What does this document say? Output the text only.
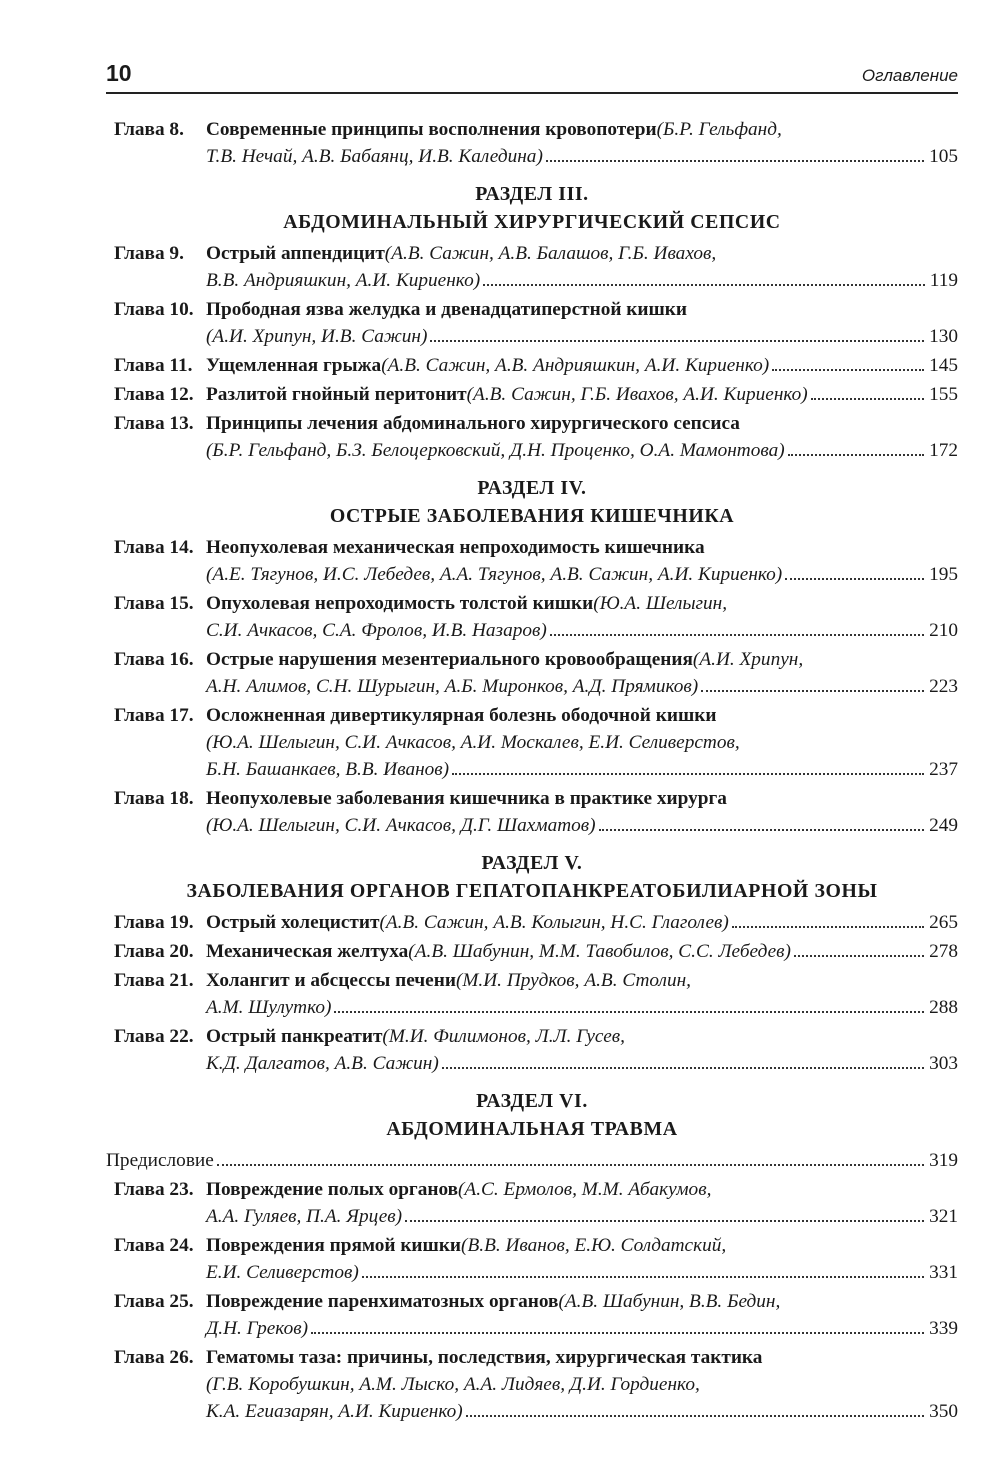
10	Оглавление
Глава 8. Современные принципы восполнения кровопотери (Б.Р. Гельфанд,
Т.В. Нечай, А.В. Бабаянц, И.В. Каледина)	105
РАЗДЕЛ III.
АБДОМИНАЛЬНЫЙ ХИРУРГИЧЕСКИЙ СЕПСИС
Глава 9. Острый аппендицит (А.В. Сажин, А.В. Балашов, Г.Б. Ивахов,
В.В. Андрияшкин, А.И. Кириенко)	119
Глава 10. Прободная язва желудка и двенадцатиперстной кишки
(А.И. Хрипун, И.В. Сажин)	130
Глава 11. Ущемленная грыжа (А.В. Сажин, А.В. Андрияшкин, А.И. Кириенко)	145
Глава 12. Разлитой гнойный перитонит (А.В. Сажин, Г.Б. Ивахов, А.И. Кириенко)	155
Глава 13. Принципы лечения абдоминального хирургического сепсиса
(Б.Р. Гельфанд, Б.З. Белоцерковский, Д.Н. Проценко, О.А. Мамонтова)	172
РАЗДЕЛ IV.
ОСТРЫЕ ЗАБОЛЕВАНИЯ КИШЕЧНИКА
Глава 14. Неопухолевая механическая непроходимость кишечника
(А.Е. Тягунов, И.С. Лебедев, А.А. Тягунов, А.В. Сажин, А.И. Кириенко)	195
Глава 15. Опухолевая непроходимость толстой кишки (Ю.А. Шелыгин,
С.И. Ачкасов, С.А. Фролов, И.В. Назаров)	210
Глава 16. Острые нарушения мезентериального кровообращения (А.И. Хрипун,
А.Н. Алимов, С.Н. Шурыгин, А.Б. Миронков, А.Д. Прямиков)	223
Глава 17. Осложненная дивертикулярная болезнь ободочной кишки
(Ю.А. Шелыгин, С.И. Ачкасов, А.И. Москалев, Е.И. Селиверстов,
Б.Н. Башанкаев, В.В. Иванов)	237
Глава 18. Неопухолевые заболевания кишечника в практике хирурга
(Ю.А. Шелыгин, С.И. Ачкасов, Д.Г. Шахматов)	249
РАЗДЕЛ V.
ЗАБОЛЕВАНИЯ ОРГАНОВ ГЕПАТОПАНКРЕАТОБИЛИАРНОЙ ЗОНЫ
Глава 19. Острый холецистит (А.В. Сажин, А.В. Колыгин, Н.С. Глаголев)	265
Глава 20. Механическая желтуха (А.В. Шабунин, М.М. Тавобилов, С.С. Лебедев)	278
Глава 21. Холангит и абсцессы печени (М.И. Прудков, А.В. Столин,
А.М. Шулутко)	288
Глава 22. Острый панкреатит (М.И. Филимонов, Л.Л. Гусев,
К.Д. Далгатов, А.В. Сажин)	303
РАЗДЕЛ VI.
АБДОМИНАЛЬНАЯ ТРАВМА
Предисловие	319
Глава 23. Повреждение полых органов (А.С. Ермолов, М.М. Абакумов,
А.А. Гуляев, П.А. Ярцев)	321
Глава 24. Повреждения прямой кишки (В.В. Иванов, Е.Ю. Солдатский,
Е.И. Селиверстов)	331
Глава 25. Повреждение паренхиматозных органов (А.В. Шабунин, В.В. Бедин,
Д.Н. Греков)	339
Глава 26. Гематомы таза: причины, последствия, хирургическая тактика
(Г.В. Коробушкин, А.М. Лыско, А.А. Лидяев, Д.И. Гордиенко,
К.А. Егиазарян, А.И. Кириенко)	350
